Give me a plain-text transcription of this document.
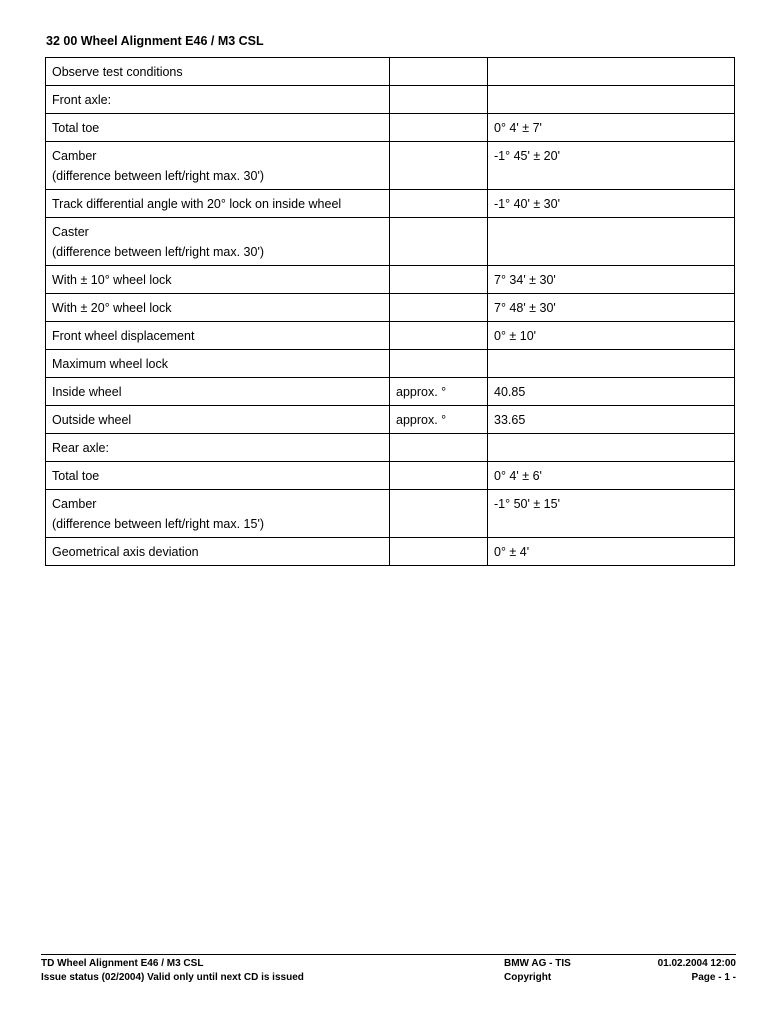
32 00 Wheel Alignment E46 / M3 CSL
Observe test conditions		

Front axle:		

Total toe		0° 4' ± 7'

Camber
(difference between left/right max. 30')		-1° 45' ± 20'

Track differential angle with 20° lock on inside wheel		-1° 40' ± 30'

Caster
(difference between left/right max. 30')		

With ± 10° wheel lock		7° 34' ± 30'

With ± 20° wheel lock		7° 48' ± 30'

Front wheel displacement		0° ± 10'

Maximum wheel lock		

Inside wheel	approx. °	40.85

Outside wheel	approx. °	33.65

Rear axle:		

Total toe		0° 4' ± 6'

Camber
(difference between left/right max. 15')		-1° 50' ± 15'

Geometrical axis deviation		0° ± 4'
TD Wheel Alignment E46 / M3 CSL
Issue status (02/2004) Valid only until next CD is issued
BMW AG - TIS
Copyright
01.02.2004 12:00
Page - 1 -
